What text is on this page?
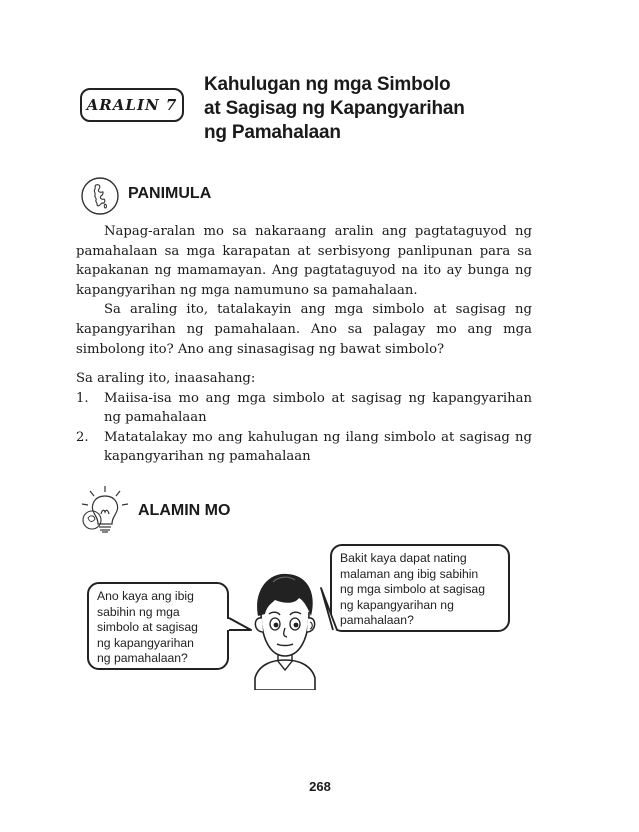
ARALIN 7
Kahulugan ng mga Simbolo
at Sagisag ng Kapangyarihan
ng Pamahalaan
PANIMULA

Napag-aralan mo sa nakaraang aralin ang pagtataguyod ng pamahalaan sa mga karapatan at serbisyong panlipunan para sa kapakanan ng mamamayan. Ang pagtataguyod na ito ay bunga ng kapangyarihan ng mga namumuno sa pamahalaan.

Sa araling ito, tatalakayin ang mga simbolo at sagisag ng kapangyarihan ng pamahalaan. Ano sa palagay mo ang mga simbolong ito? Ano ang sinasagisag ng bawat simbolo?

Sa araling ito, inaasahang:
1.	Maiisa-isa mo ang mga simbolo at sagisag ng kapangyarihan ng pamahalaan
2.	Matatalakay mo ang kahulugan ng ilang simbolo at sagisag ng kapangyarihan ng pamahalaan
ALAMIN MO
Ano kaya ang ibig
sabihin ng mga
simbolo at sagisag
ng kapangyarihan
ng pamahalaan?
Bakit kaya dapat nating
malaman ang ibig sabihin
ng mga simbolo at sagisag
ng kapangyarihan ng
pamahalaan?
268
